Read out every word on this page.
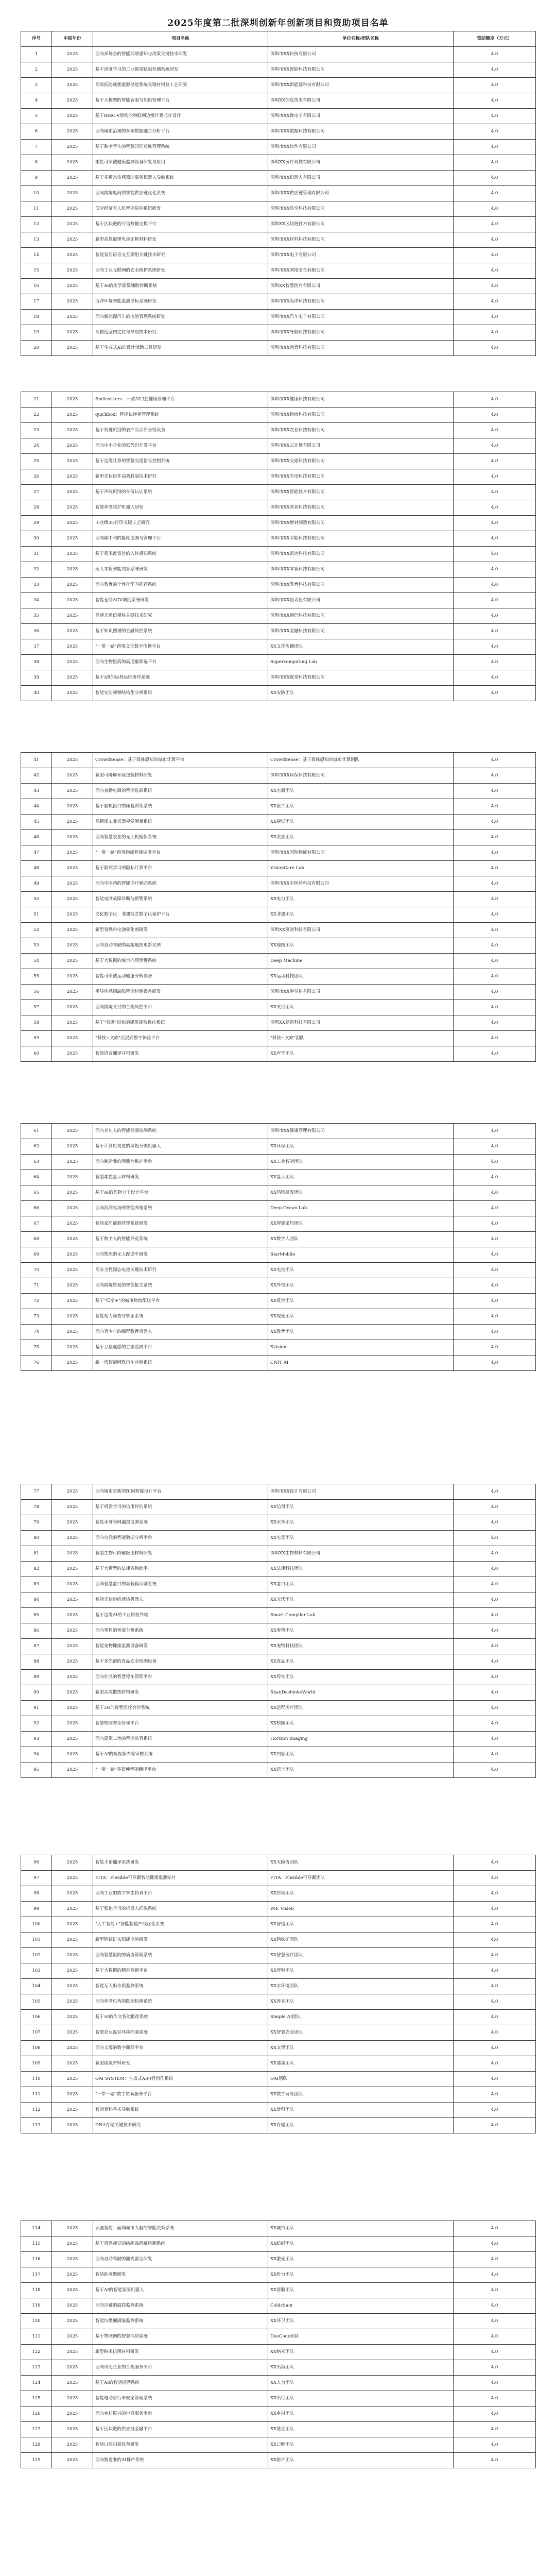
2025年度第二批深圳创新年创新项目和资助项目名单
序号	申报年份	项目名称	单位名称/团队名称	资助额度（万元）
1	2025	面向多场景的智能网联感知与决策关键技术研发	深圳市XX科技有限公司	4.0
2	2025	基于深度学习的工业视觉缺陷检测系统研发	深圳市XX智能科技有限公司	4.0
3	2025	高效低能耗新能源储能系统关键材料及工艺研究	深圳市XX新能源科技有限公司	4.0
4	2025	基于大模型的智能客服与知识管理平台	深圳XX信息技术有限公司	4.0
5	2025	基于RISC-V架构的物联网边缘计算芯片设计	深圳市XX微电子有限公司	4.0
6	2025	面向城市治理的多源数据融合分析平台	深圳市XX数据科技有限公司	4.0
7	2025	基于数字孪生的智慧园区运维管理系统	深圳市XX软件有限公司	4.0
8	2025	柔性可穿戴健康监测设备研发与应用	深圳XX医疗科技有限公司	4.0
9	2025	基于多模态传感器的服务机器人导航系统	深圳市XX机器人有限公司	4.0
10	2025	面向跨境电商的智能供应链优化系统	深圳市XX供应链管理有限公司	4.0
11	2025	低空经济无人机智能巡检系统研发	深圳市XX航空科技有限公司	4.0
12	2025	基于区块链的可信数据交换平台	深圳XX区块链技术有限公司	4.0
13	2025	新型高性能锂电池正极材料研发	深圳市XX材料科技有限公司	4.0
14	2025	智能家居语音交互模组关键技术研究	深圳市XX电子有限公司	4.0
15	2025	面向工业互联网的安全防护系统研发	深圳市XX网络安全有限公司	4.0
16	2025	基于AI的医学影像辅助诊断系统	深圳XX智慧医疗有限公司	4.0
17	2025	海洋环境智能监测浮标系统研发	深圳市XX海洋科技有限公司	4.0
18	2025	面向新能源汽车的电池管理系统研发	深圳市XX汽车电子有限公司	4.0
19	2025	高精度室内定位与导航技术研究	深圳市XX导航科技有限公司	4.0
20	2025	基于生成式AI的设计辅助工具研发	深圳市XX创意科技有限公司	4.0
21	2025	Smilesitters：一款AI口腔健康管理平台	深圳市XX健康科技有限公司	4.0
22	2025	quickbox：智能快递柜管理系统	深圳市XX物流科技有限公司	4.0
23	2025	基于视觉识别的农产品品质分级设备	深圳市XX农业科技有限公司	4.0
24	2025	面向中小企业的低代码开发平台	深圳市XX云计算有限公司	4.0
25	2025	基于边缘计算的智慧交通信号控制系统	深圳市XX交通科技有限公司	4.0
26	2025	新型光伏组件高效封装技术研究	深圳市XX光电科技有限公司	4.0
27	2025	基于声纹识别的身份认证系统	深圳市XX智能技术有限公司	4.0
28	2025	智慧养老陪护机器人研发	深圳市XX养老科技有限公司	4.0
29	2025	工业级3D打印关键工艺研究	深圳市XX增材制造有限公司	4.0
30	2025	面向碳中和的能耗监测与管理平台	深圳市XX节能科技有限公司	4.0
31	2025	基于毫米波雷达的人体感知系统	深圳市XX雷达科技有限公司	4.0
32	2025	无人零售智能结算系统研发	深圳市XX零售科技有限公司	4.0
33	2025	面向教育的个性化学习推荐系统	深圳市XX教育科技有限公司	4.0
34	2025	智能仓储AGV调度系统研发	深圳市XX自动化有限公司	4.0
35	2025	高速光通信模块关键技术研究	深圳市XX通信科技有限公司	4.0
36	2025	基于知识图谱的金融风控系统	深圳市XX金融科技有限公司	4.0
37	2025	"一带一路"跨境文化数字传播平台	XX文化传播团队	4.0
38	2025	面向生物医药的高通量筛选平台	Supercomputing Lab	4.0
39	2025	基于AR的远程运维协作系统	深圳市XX视觉科技有限公司	4.0
40	2025	智能安防视频结构化分析系统	XX安防团队	4.0
41	2025	CrowdSense：基于群体感知的城市计算平台	CrowdSense：基于群体感知的城市计算团队	4.0
42	2025	新型可降解环保包装材料研发	深圳市XX环保科技有限公司	4.0
43	2025	面向直播电商的智能选品系统	XX电商团队	4.0
44	2025	基于脑机接口的康复训练系统	XX医工团队	4.0
45	2025	高精度工业机器视觉测量系统	XX视觉团队	4.0
46	2025	面向智慧农业的无人机植保系统	XX农业团队	4.0
47	2025	"一带一路"跨境物流智能调度平台	深圳市XX国际物流有限公司	4.0
48	2025	基于联邦学习的隐私计算平台	VisionCare Lab	4.0
49	2025	面向中医药的智能诊疗辅助系统	深圳市XX中医药科技有限公司	4.0
50	2025	智能电网故障诊断与预警系统	XX电力团队	4.0
51	2025	文化数字化：非遗技艺数字化保护平台	XX非遗团队	4.0
52	2025	新型氢燃料电池催化剂研发	深圳XX氢能科技有限公司	4.0
53	2025	面向自动驾驶的高精地图更新系统	XX地图团队	4.0
54	2025	基于大数据的城市内涝预警系统	Deep Machine	4.0
55	2025	智能可穿戴运动健康分析设备	XX运动科技团队	4.0
56	2025	半导体晶圆缺陷智能检测设备研发	深圳市XX半导体有限公司	4.0
57	2025	面向跨境支付的合规风控平台	XX支付团队	4.0
58	2025	基于"双碳"目标的建筑能效优化系统	深圳XX建筑科技有限公司	4.0
59	2025	"科技+文旅"沉浸式数字体验平台	"科技+文旅"团队	4.0
60	2025	智能语音翻译耳机研发	XX声学团队	4.0
61	2025	面向老年人的智能健康监测系统	深圳市XX健康管理有限公司	4.0
62	2025	基于计算机视觉的垃圾分类机器人	XX环保团队	4.0
63	2025	面向制造业的预测性维护平台	XX工业智能团队	4.0
64	2025	新型柔性显示材料研发	XX显示团队	4.0
65	2025	基于AI的药物分子设计平台	XX药物研发团队	4.0
66	2025	面向海洋牧场的智能养殖系统	Deep Ocean Lab	4.0
67	2025	智能家居能源管理系统研发	XX智能家居团队	4.0
68	2025	基于数字人的智能导览系统	XX数字人团队	4.0
69	2025	面向物流的无人配送车研发	StarMobile	4.0
70	2025	高安全性固态电池关键技术研究	XX电池团队	4.0
71	2025	面向跨境贸易的智能报关系统	XX外贸团队	4.0
72	2025	基于"低空+"的城市物流配送平台	XX低空团队	4.0
73	2025	智能视力筛查与矫正系统	XX视光团队	4.0
74	2025	面向青少年的编程教育机器人	XX教育团队	4.0
75	2025	基于卫星遥感的生态监测平台	Xvision	4.0
76	2025	新一代智能网联汽车座舱系统	CNIT AI	4.0
77	2025	面向城市更新的BIM智能设计平台	深圳市XX设计有限公司	4.0
78	2025	基于机器学习的信用评估系统	XX信用团队	4.0
79	2025	智能水务管网漏损监测系统	XX水务团队	4.0
80	2025	面向电竞的智能数据分析平台	XX电竞团队	4.0
81	2025	新型生物可降解医用材料研发	深圳XX生物材料有限公司	4.0
82	2025	基于大模型的法律咨询助手	XX法律科技团队	4.0
83	2025	面向智慧港口的集装箱识别系统	XX港口团队	4.0
84	2025	智能光伏运维清洁机器人	XX光伏团队	4.0
85	2025	基于边缘AI的工业质检终端	Smart Compiler Lab	4.0
86	2025	面向零售的客流分析系统	XX零售团队	4.0
87	2025	智能宠物健康监测设备研发	XX宠物科技团队	4.0
88	2025	基于多光谱的食品安全检测设备	XX食品团队	4.0
89	2025	面向社区的智慧停车管理平台	XX停车团队	4.0
90	2025	新型高效散热材料研发	ShanDashinkoWorld	4.0
91	2025	基于5G的远程医疗会诊系统	XX远程医疗团队	4.0
92	2025	智慧校园安全管理平台	XX校园团队	4.0
93	2025	面向建筑工地的智能监管系统	Horizon Imaging	4.0
94	2025	基于AI的短视频内容审核系统	XX内容团队	4.0
95	2025	"一带一路"多语种智能翻译平台	XX语言团队	4.0
96	2025	智能手语翻译系统研发	XX无障碍团队	4.0
97	2025	FITA：Flexible可穿戴智能健康监测贴片	FITA：Flexible可穿戴团队	4.0
98	2025	面向工业的数字孪生仿真平台	XX仿真团队	4.0
99	2025	基于强化学习的机器人抓取系统	PoE Vision	4.0
100	2025	"人工智能+"智能制造产线优化系统	XX智造团队	4.0
101	2025	新型钙钛矿太阳能电池研发	XX钙钛矿团队	4.0
102	2025	面向智慧医院的病房管理系统	XX智慧医疗团队	4.0
103	2025	基于大数据的精准营销平台	XX营销团队	4.0
104	2025	智能无人船水质监测系统	XX水环境团队	4.0
105	2025	面向养老机构的跌倒检测系统	XX养老团队	4.0
106	2025	基于AI的作文智能批改系统	Simple AI团队	4.0
107	2025	智慧农业温室环境控制系统	XX智慧农业团队	4.0
108	2025	面向文博的数字藏品平台	XX文博团队	4.0
109	2025	新型储氢材料研发	XX储氢团队	4.0
110	2025	GAI SYSTEM：生成式AI内容创作系统	GAI团队	4.0
111	2025	"一带一路"数字贸易服务平台	XX数字贸易团队	4.0
112	2025	智能骨科手术导航系统	XX骨科团队	4.0
113	2025	DNA存储关键技术研究	XX存储团队	4.0
114	2025	云脑智能：面向城市大脑的智能决策系统	XX城市团队	4.0
115	2025	基于机器视觉的纺织品瑕疵检测系统	XX纺织团队	4.0
116	2025	面向自动驾驶的激光雷达研发	XX激光团队	4.0
117	2025	智能助听器研发	XX听力团队	4.0
118	2025	基于AI的智能客服机器人	XX客服团队	4.0
119	2025	面向冷链的温控监测系统	Coldchain	4.0
120	2025	智能垃圾桶满溢监测系统	XX环卫团队	4.0
121	2025	基于物联网的智慧消防系统	DeeCode团队	4.0
122	2025	新型纳米抗菌材料研发	XX纳米团队	4.0
123	2025	面向出海企业的合规服务平台	XX出海团队	4.0
124	2025	基于AI的智能招聘系统	XX人力团队	4.0
125	2025	智能电动自行车安全管理系统	XX出行团队	4.0
126	2025	面向乡村振兴的电商服务平台	XX乡村团队	4.0
127	2025	基于区块链的供应链金融平台	XX链金团队	4.0
128	2025	智能口腔扫描设备研发	XX口腔团队	4.0
129	2025	面向制造业的AI排产系统	XX排产团队	4.0
